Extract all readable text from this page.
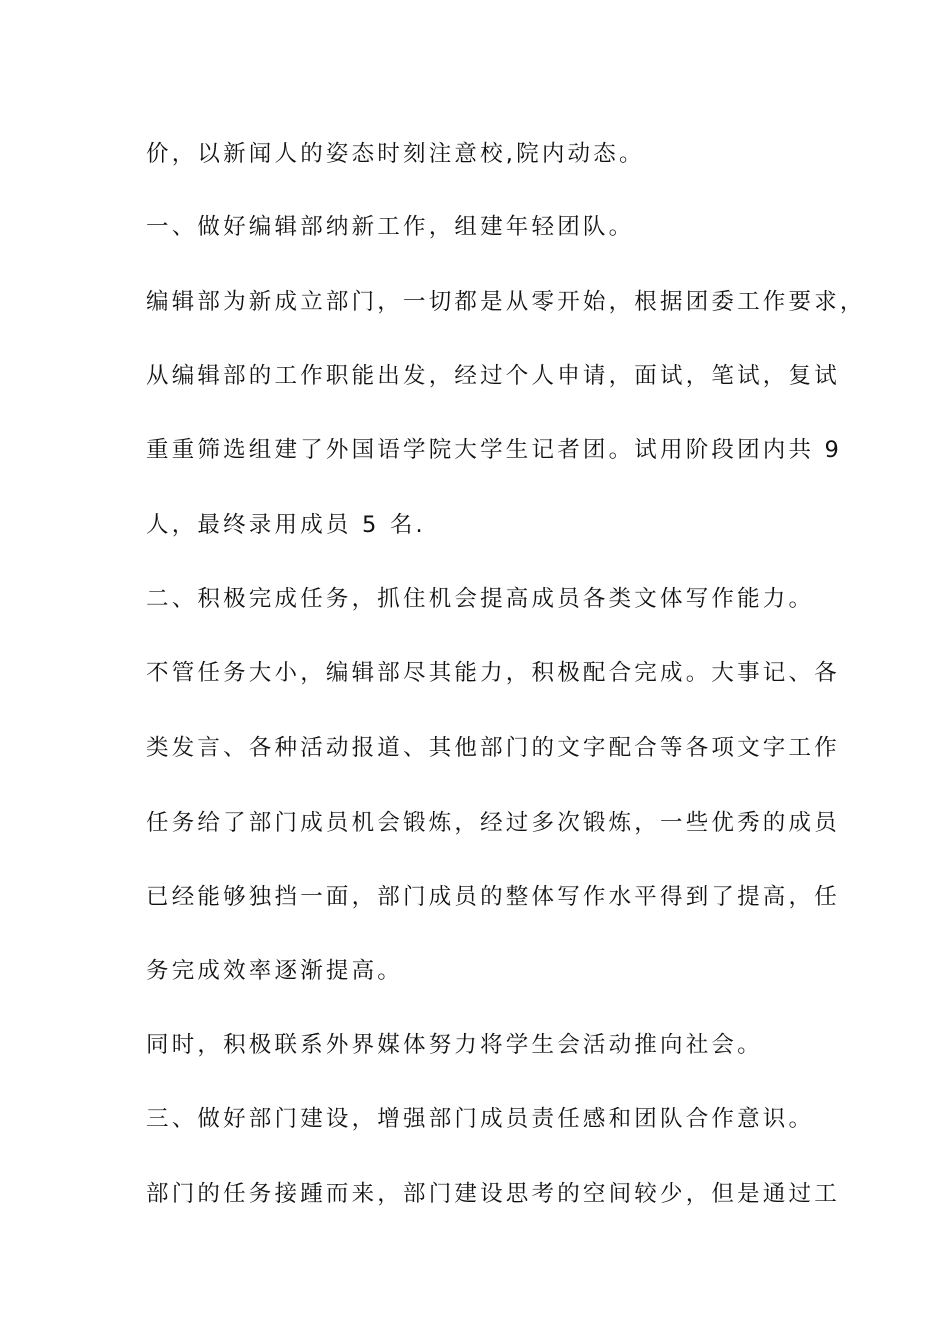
价，以新闻人的姿态时刻注意校,院内动态。
一、做好编辑部纳新工作，组建年轻团队。
编辑部为新成立部门，一切都是从零开始，根据团委工作要求，
从编辑部的工作职能出发，经过个人申请，面试，笔试，复试
重重筛选组建了外国语学院大学生记者团。试用阶段团内共 9
人，最终录用成员 5 名.
二、积极完成任务，抓住机会提高成员各类文体写作能力。
不管任务大小，编辑部尽其能力，积极配合完成。大事记、各
类发言、各种活动报道、其他部门的文字配合等各项文字工作
任务给了部门成员机会锻炼，经过多次锻炼，一些优秀的成员
已经能够独挡一面，部门成员的整体写作水平得到了提高，任
务完成效率逐渐提高。
同时，积极联系外界媒体努力将学生会活动推向社会。
三、做好部门建设，增强部门成员责任感和团队合作意识。
部门的任务接踵而来，部门建设思考的空间较少，但是通过工
